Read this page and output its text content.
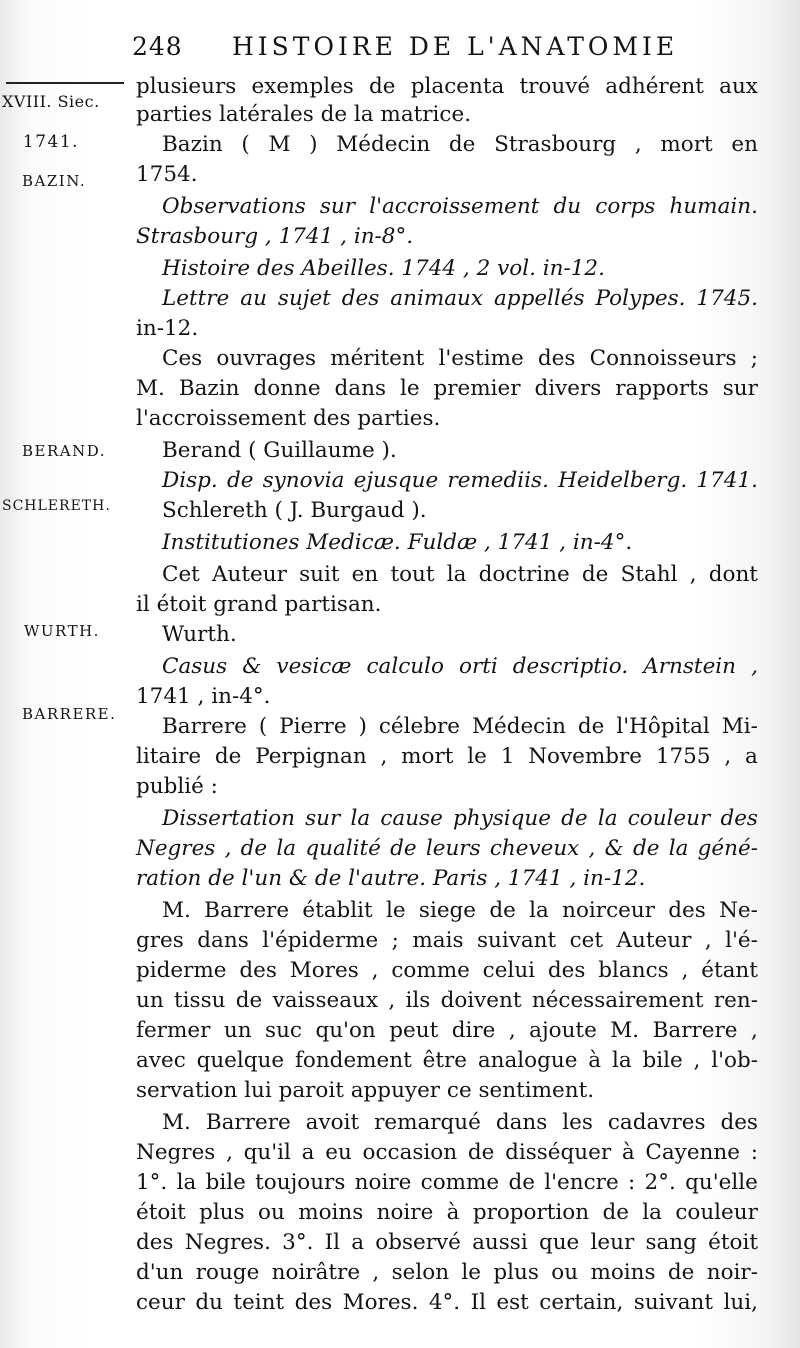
248 HISTOIRE DE L'ANATOMIE
XVIII. Siec.
1741.
BAZIN.
BERAND.
SCHLERETH.
WURTH.
BARRERE.
plusieurs exemples de placenta trouvé adhérent aux
parties latérales de la matrice.
Bazin ( M ) Médecin de Strasbourg , mort en
1754.
Observations sur l'accroissement du corps humain.
Strasbourg , 1741 , in-8°.
Histoire des Abeilles. 1744 , 2 vol. in-12.
Lettre au sujet des animaux appellés Polypes. 1745.
in-12.
Ces ouvrages méritent l'estime des Connoisseurs ;
M. Bazin donne dans le premier divers rapports sur
l'accroissement des parties.
Berand ( Guillaume ).
Disp. de synovia ejusque remediis. Heidelberg. 1741.
Schlereth ( J. Burgaud ).
Institutiones Medicæ. Fuldæ , 1741 , in-4°.
Cet Auteur suit en tout la doctrine de Stahl , dont
il étoit grand partisan.
Wurth.
Casus & vesicæ calculo orti descriptio. Arnstein ,
1741 , in-4°.
Barrere ( Pierre ) célebre Médecin de l'Hôpital Mi-
litaire de Perpignan , mort le 1 Novembre 1755 , a
publié :
Dissertation sur la cause physique de la couleur des
Negres , de la qualité de leurs cheveux , & de la géné-
ration de l'un & de l'autre. Paris , 1741 , in-12.
M. Barrere établit le siege de la noirceur des Ne-
gres dans l'épiderme ; mais suivant cet Auteur , l'é-
piderme des Mores , comme celui des blancs , étant
un tissu de vaisseaux , ils doivent nécessairement ren-
fermer un suc qu'on peut dire , ajoute M. Barrere ,
avec quelque fondement être analogue à la bile , l'ob-
servation lui paroit appuyer ce sentiment.
M. Barrere avoit remarqué dans les cadavres des
Negres , qu'il a eu occasion de disséquer à Cayenne :
1°. la bile toujours noire comme de l'encre : 2°. qu'elle
étoit plus ou moins noire à proportion de la couleur
des Negres. 3°. Il a observé aussi que leur sang étoit
d'un rouge noirâtre , selon le plus ou moins de noir-
ceur du teint des Mores. 4°. Il est certain, suivant lui,
